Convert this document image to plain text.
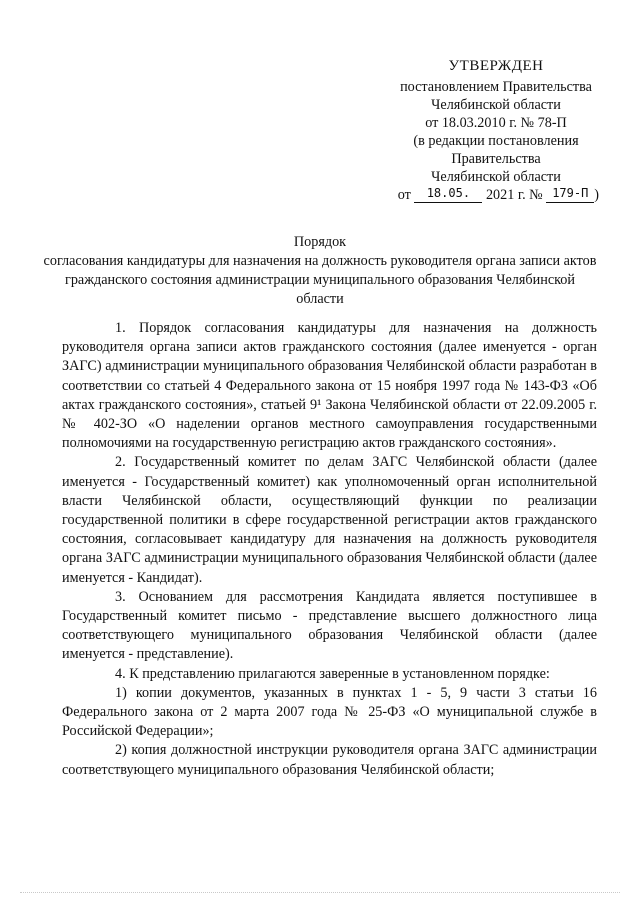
УТВЕРЖДЕН
постановлением Правительства
Челябинской области
от 18.03.2010 г. № 78-П
(в редакции постановления
Правительства
Челябинской области
от 18.05. 2021 г. № 179-П )
Порядок
согласования кандидатуры для назначения на должность руководителя органа записи актов гражданского состояния администрации муниципального образования Челябинской области

1. Порядок согласования кандидатуры для назначения на должность руководителя органа записи актов гражданского состояния (далее именуется - орган ЗАГС) администрации муниципального образования Челябинской области разработан в соответствии со статьей 4 Федерального закона от 15 ноября 1997 года № 143-ФЗ «Об актах гражданского состояния», статьей 9¹ Закона Челябинской области от 22.09.2005 г. № 402-ЗО «О наделении органов местного самоуправления государственными полномочиями на государственную регистрацию актов гражданского состояния».

2. Государственный комитет по делам ЗАГС Челябинской области (далее именуется - Государственный комитет) как уполномоченный орган исполнительной власти Челябинской области, осуществляющий функции по реализации государственной политики в сфере государственной регистрации актов гражданского состояния, согласовывает кандидатуру для назначения на должность руководителя органа ЗАГС администрации муниципального образования Челябинской области (далее именуется - Кандидат).

3. Основанием для рассмотрения Кандидата является поступившее в Государственный комитет письмо - представление высшего должностного лица соответствующего муниципального образования Челябинской области (далее именуется - представление).

4. К представлению прилагаются заверенные в установленном порядке:

1) копии документов, указанных в пунктах 1 - 5, 9 части 3 статьи 16 Федерального закона от 2 марта 2007 года № 25-ФЗ «О муниципальной службе в Российской Федерации»;

2) копия должностной инструкции руководителя органа ЗАГС администрации соответствующего муниципального образования Челябинской области;
